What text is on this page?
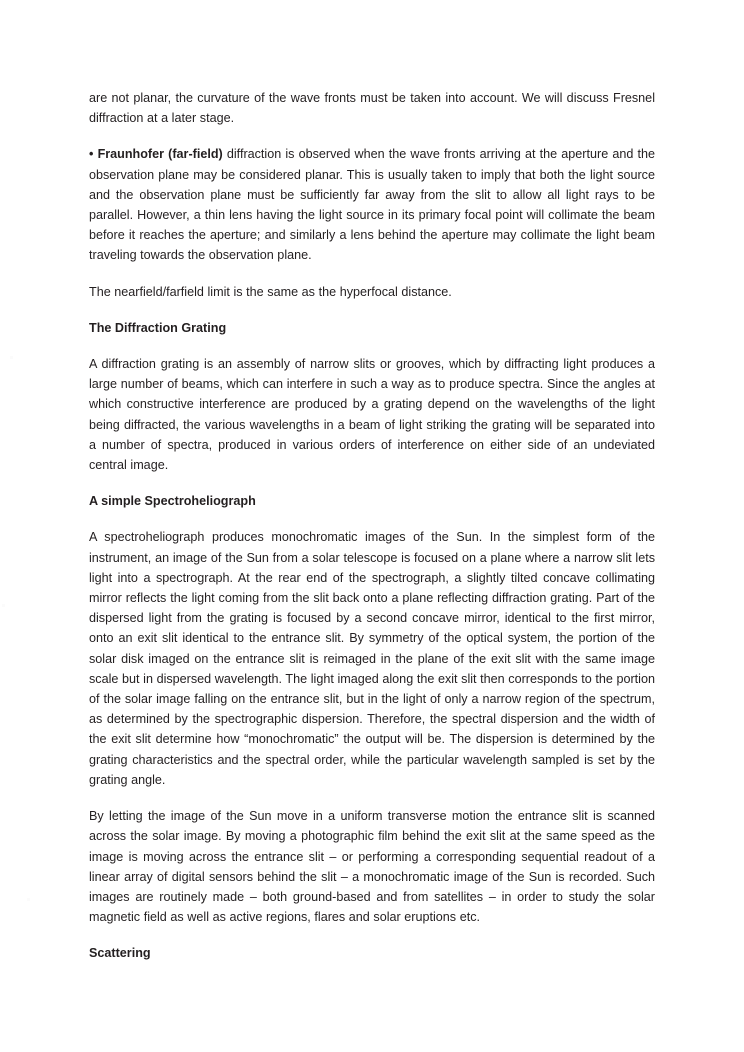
are not planar, the curvature of the wave fronts must be taken into account. We will discuss Fresnel diffraction at a later stage.

• Fraunhofer (far-field) diffraction is observed when the wave fronts arriving at the aperture and the observation plane may be considered planar. This is usually taken to imply that both the light source and the observation plane must be sufficiently far away from the slit to allow all light rays to be parallel. However, a thin lens having the light source in its primary focal point will collimate the beam before it reaches the aperture; and similarly a lens behind the aperture may collimate the light beam traveling towards the observation plane.

The nearfield/farfield limit is the same as the hyperfocal distance.

The Diffraction Grating

A diffraction grating is an assembly of narrow slits or grooves, which by diffracting light produces a large number of beams, which can interfere in such a way as to produce spectra. Since the angles at which constructive interference are produced by a grating depend on the wavelengths of the light being diffracted, the various wavelengths in a beam of light striking the grating will be separated into a number of spectra, produced in various orders of interference on either side of an undeviated central image.

A simple Spectroheliograph

A spectroheliograph produces monochromatic images of the Sun. In the simplest form of the instrument, an image of the Sun from a solar telescope is focused on a plane where a narrow slit lets light into a spectrograph. At the rear end of the spectrograph, a slightly tilted concave collimating mirror reflects the light coming from the slit back onto a plane reflecting diffraction grating. Part of the dispersed light from the grating is focused by a second concave mirror, identical to the first mirror, onto an exit slit identical to the entrance slit. By symmetry of the optical system, the portion of the solar disk imaged on the entrance slit is reimaged in the plane of the exit slit with the same image scale but in dispersed wavelength. The light imaged along the exit slit then corresponds to the portion of the solar image falling on the entrance slit, but in the light of only a narrow region of the spectrum, as determined by the spectrographic dispersion. Therefore, the spectral dispersion and the width of the exit slit determine how “monochromatic” the output will be. The dispersion is determined by the grating characteristics and the spectral order, while the particular wavelength sampled is set by the grating angle.

By letting the image of the Sun move in a uniform transverse motion the entrance slit is scanned across the solar image. By moving a photographic film behind the exit slit at the same speed as the image is moving across the entrance slit – or performing a corresponding sequential readout of a linear array of digital sensors behind the slit – a monochromatic image of the Sun is recorded. Such images are routinely made – both ground-based and from satellites – in order to study the solar magnetic field as well as active regions, flares and solar eruptions etc.

Scattering
